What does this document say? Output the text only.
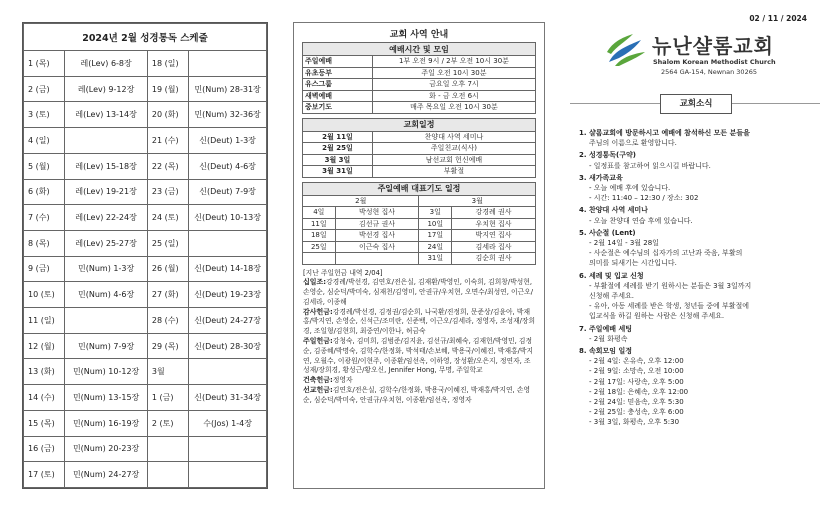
2024년 2월 성경통독 스케줄			
1 (목)	레(Lev) 6-8장	18 (일)	
2 (금)	레(Lev) 9-12장	19 (월)	민(Num) 28-31장
3 (토)	레(Lev) 13-14장	20 (화)	민(Num) 32-36장
4 (일)		21 (수)	신(Deut) 1-3장
5 (월)	레(Lev) 15-18장	22 (목)	신(Deut) 4-6장
6 (화)	레(Lev) 19-21장	23 (금)	신(Deut) 7-9장
7 (수)	레(Lev) 22-24장	24 (토)	신(Deut) 10-13장
8 (목)	레(Lev) 25-27장	25 (일)	
9 (금)	민(Num) 1-3장	26 (월)	신(Deut) 14-18장
10 (토)	민(Num) 4-6장	27 (화)	신(Deut) 19-23장
11 (일)		28 (수)	신(Deut) 24-27장
12 (월)	민(Num) 7-9장	29 (목)	신(Deut) 28-30장
13 (화)	민(Num) 10-12장	3월	
14 (수)	민(Num) 13-15장	1 (금)	신(Deut) 31-34장
15 (목)	민(Num) 16-19장	2 (토)	수(Jos) 1-4장
16 (금)	민(Num) 20-23장		
17 (토)	민(Num) 24-27장		
교회 사역 안내
예배시간 및 모임	
주일예배	1부 오전 9시 / 2부 오전 10시 30분
유초등부	주일 오전 10시 30분
유스그룹	금요일 오후 7시
새벽예배	화 - 금 오전 6시
중보기도	매주 목요일 오전 10시 30분
교회일정	
2월 11일	찬양대 사역 세미나
2월 25일	주일친교(식사)
3월 3일	남선교회 헌신예배
3월 31일	부활절
주일예배 대표기도 일정			
2월		3월	
4일	박성현 집사	3일	강경례 권사
11일	김선규 권사	10일	우치현 집사
18일	박선경 집사	17일	박지연 집사
25일	이근숙 집사	24일	김세라 집사
		31일	김순희 권사
[지난 주일헌금 내역 2/04]
십일조:강경례/박선경, 김연호/전은실, 김재환/박영인, 이숙희, 김희창/박성현, 손영순, 심순덕/박미숙, 심재천/김영미, 안권규/우치현, 오면수/최성연, 이근오/김세라, 이종해
감사헌금:강경례/박선경, 김정권/김순희, 나국환/진정희, 문준상/김윤아, 박재홍/박지연, 손영순, 신석근/조미란, 신준백, 이근오/김세라, 정영자, 조성재/장희경, 조일형/김현희, 최중연/이한나, 허금숙
주일헌금:강청숙, 김미희, 김범준/김지윤, 김선규/최혜숙, 김재헌/박영민, 김정순, 김종혜/박명숙, 김학수/한정화, 박석태/손보혜, 박용국/이혜진, 박재홍/박지연, 오월수, 이광원/이현주, 이종환/임선옥, 이하영, 장성환/오은지, 정연자, 조성재/장희경, 황성근/황오신, Jennifer Hong, 무명, 주일학교
건축헌금:정영자
선교헌금:김연호/전은실, 김학수/한정화, 박용국/이혜진, 박재홍/박지연, 손영순, 심순덕/박미숙, 안권규/우치현, 이종환/임선옥, 정영자
02 / 11 / 2024
뉴난샬롬교회
Shalom Korean Methodist Church
2564 GA-154, Newnan 30265
교회소식
1. 샬롬교회에 방문하시고 예배에 참석하신 모든 분들을
주님의 이름으로 환영합니다.
2. 성경통독(구약)
- 일정표를 참고하여 읽으시길 바랍니다.
3. 새가족교육
- 오늘 예배 후에 있습니다.
- 시간: 11:40 – 12:30 / 장소: 302
4. 찬양대 사역 세미나
- 오늘 찬양대 연습 후에 있습니다.
5. 사순절 (Lent)
- 2월 14일 - 3월 28일
- 사순절은 예수님의 십자가의 고난과 죽음, 부활의
의미를 되새기는 시간입니다.
6. 세례 및 입교 신청
- 부활절에 세례를 받기 원하시는 분들은 3월 3일까지
신청해 주세요.
- 유아, 아동 세례를 받은 학생, 청년들 중에 부활절에
입교식을 하길 원하는 사람은 신청해 주세요.
7. 주일예배 세팅
- 2월 화평속
8. 속회모임 일정
- 2월 4일: 온유속, 오후 12:00
- 2월 9일: 소망속, 오전 10:00
- 2월 17일: 사랑속, 오후 5:00
- 2월 18일: 은혜속, 오후 12:00
- 2월 24일: 믿음속, 오후 5:30
- 2월 25일: 충성속, 오후 6:00
- 3월 3일, 화평속, 오후 5:30
